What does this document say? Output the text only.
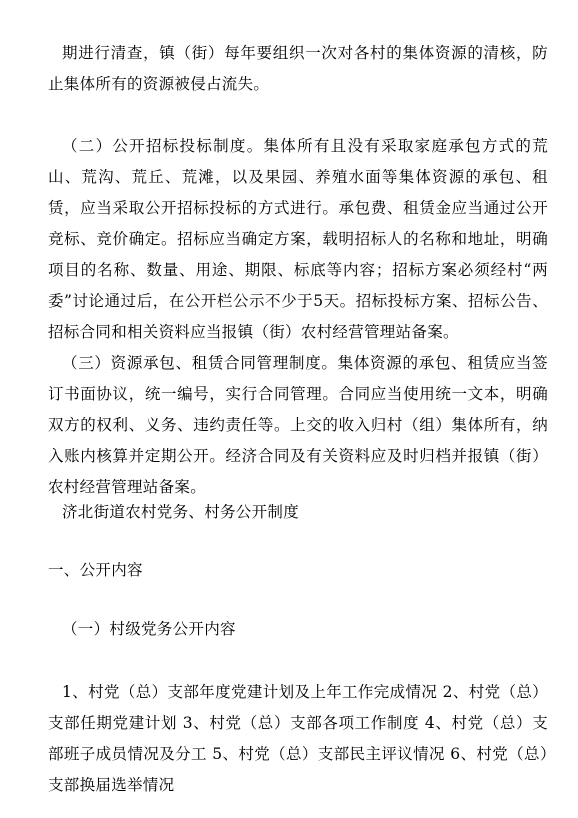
期进行清查，镇（街）每年要组织一次对各村的集体资源的清核，防止集体所有的资源被侵占流失。

（二）公开招标投标制度。集体所有且没有采取家庭承包方式的荒山、荒沟、荒丘、荒滩，以及果园、养殖水面等集体资源的承包、租赁，应当采取公开招标投标的方式进行。承包费、租赁金应当通过公开竞标、竞价确定。招标应当确定方案，载明招标人的名称和地址，明确项目的名称、数量、用途、期限、标底等内容；招标方案必须经村“两委”讨论通过后，在公开栏公示不少于5天。招标投标方案、招标公告、招标合同和相关资料应当报镇（街）农村经营管理站备案。

（三）资源承包、租赁合同管理制度。集体资源的承包、租赁应当签订书面协议，统一编号，实行合同管理。合同应当使用统一文本，明确双方的权利、义务、违约责任等。上交的收入归村（组）集体所有，纳入账内核算并定期公开。经济合同及有关资料应及时归档并报镇（街）农村经营管理站备案。

济北街道农村党务、村务公开制度

一、公开内容

（一）村级党务公开内容

1、村党（总）支部年度党建计划及上年工作完成情况 2、村党（总）支部任期党建计划 3、村党（总）支部各项工作制度 4、村党（总）支部班子成员情况及分工 5、村党（总）支部民主评议情况 6、村党（总）支部换届选举情况
